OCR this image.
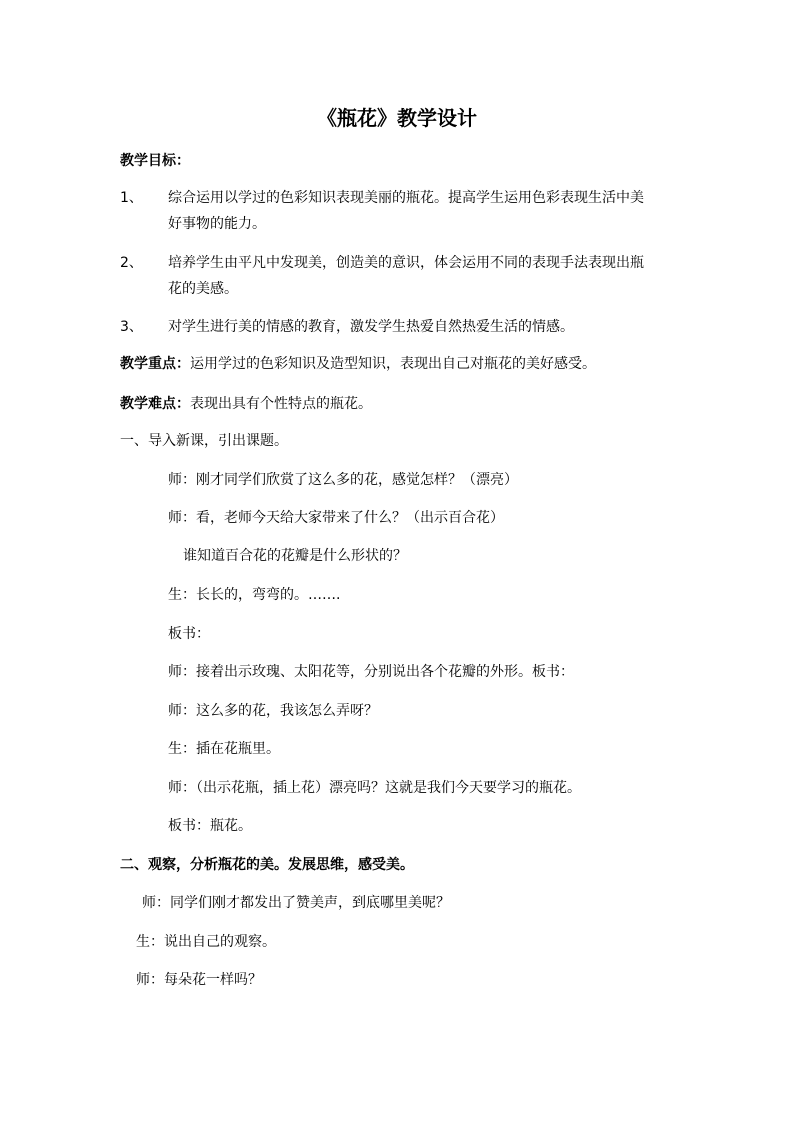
《瓶花》教学设计
教学目标：
1、 综合运用以学过的色彩知识表现美丽的瓶花。提高学生运用色彩表现生活中美
好事物的能力。
2、 培养学生由平凡中发现美，创造美的意识，体会运用不同的表现手法表现出瓶
花的美感。
3、 对学生进行美的情感的教育，激发学生热爱自然热爱生活的情感。
教学重点：运用学过的色彩知识及造型知识，表现出自己对瓶花的美好感受。
教学难点：表现出具有个性特点的瓶花。
一、导入新课，引出课题。
师：刚才同学们欣赏了这么多的花，感觉怎样？（漂亮）
师：看，老师今天给大家带来了什么？（出示百合花）
谁知道百合花的花瓣是什么形状的？
生：长长的，弯弯的。…….
板书：
师：接着出示玫瑰、太阳花等，分别说出各个花瓣的外形。板书：
师：这么多的花，我该怎么弄呀？
生：插在花瓶里。
师：（出示花瓶，插上花）漂亮吗？这就是我们今天要学习的瓶花。
板书：瓶花。
二、观察，分析瓶花的美。发展思维，感受美。
师：同学们刚才都发出了赞美声，到底哪里美呢？
生：说出自己的观察。
师：每朵花一样吗？
